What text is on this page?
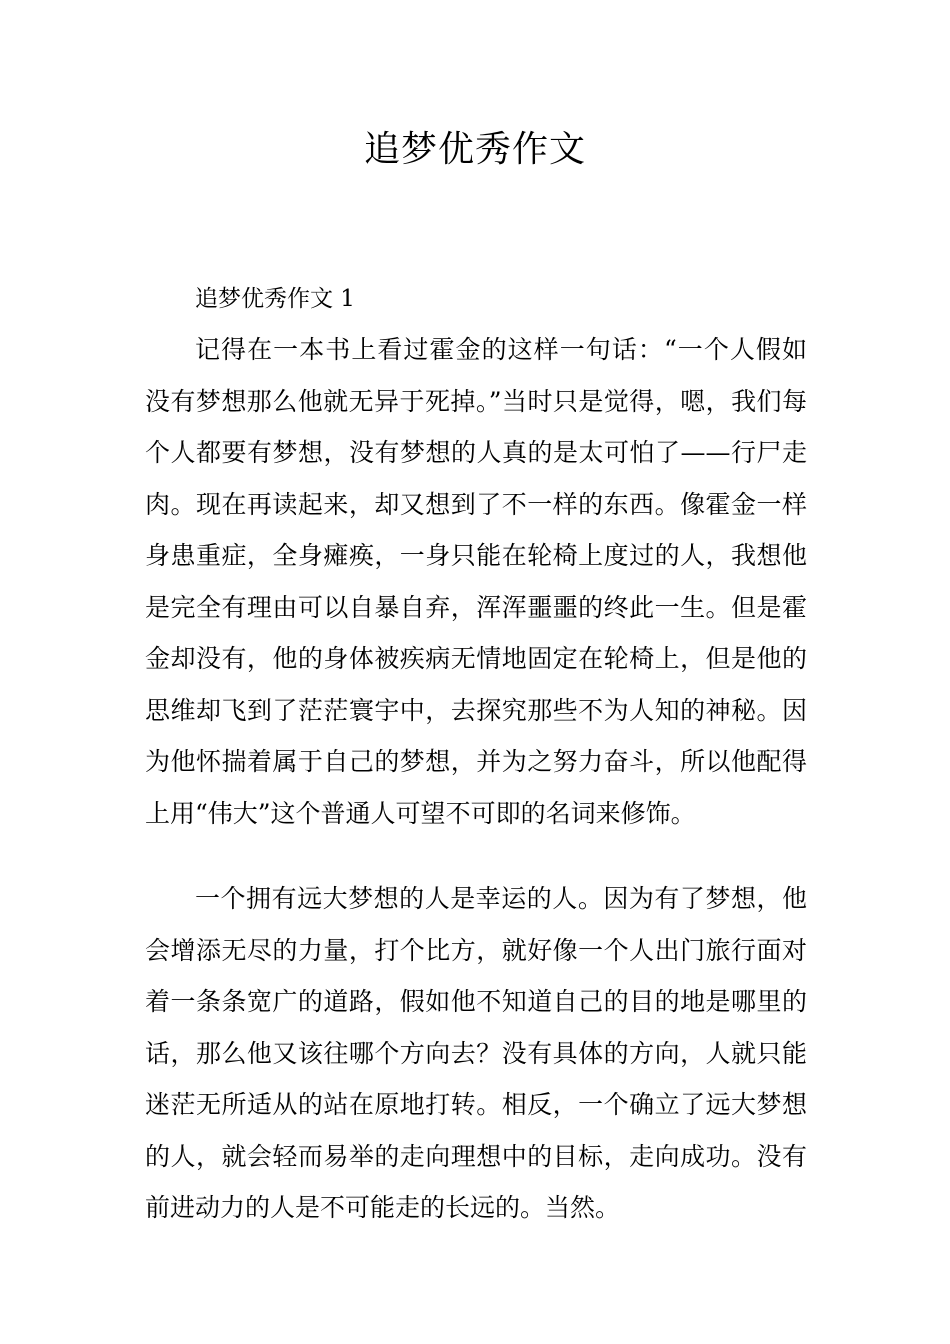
追梦优秀作文

追梦优秀作文 1

记得在一本书上看过霍金的这样一句话：“一个人假如没有梦想那么他就无异于死掉。”当时只是觉得，嗯，我们每个人都要有梦想，没有梦想的人真的是太可怕了——行尸走肉。现在再读起来，却又想到了不一样的东西。像霍金一样身患重症，全身瘫痪，一身只能在轮椅上度过的人，我想他是完全有理由可以自暴自弃，浑浑噩噩的终此一生。但是霍金却没有，他的身体被疾病无情地固定在轮椅上，但是他的思维却飞到了茫茫寰宇中，去探究那些不为人知的神秘。因为他怀揣着属于自己的梦想，并为之努力奋斗，所以他配得上用“伟大”这个普通人可望不可即的名词来修饰。

一个拥有远大梦想的人是幸运的人。因为有了梦想，他会增添无尽的力量，打个比方，就好像一个人出门旅行面对着一条条宽广的道路，假如他不知道自己的目的地是哪里的话，那么他又该往哪个方向去？没有具体的方向，人就只能迷茫无所适从的站在原地打转。相反，一个确立了远大梦想的人，就会轻而易举的走向理想中的目标，走向成功。没有前进动力的人是不可能走的长远的。当然。
